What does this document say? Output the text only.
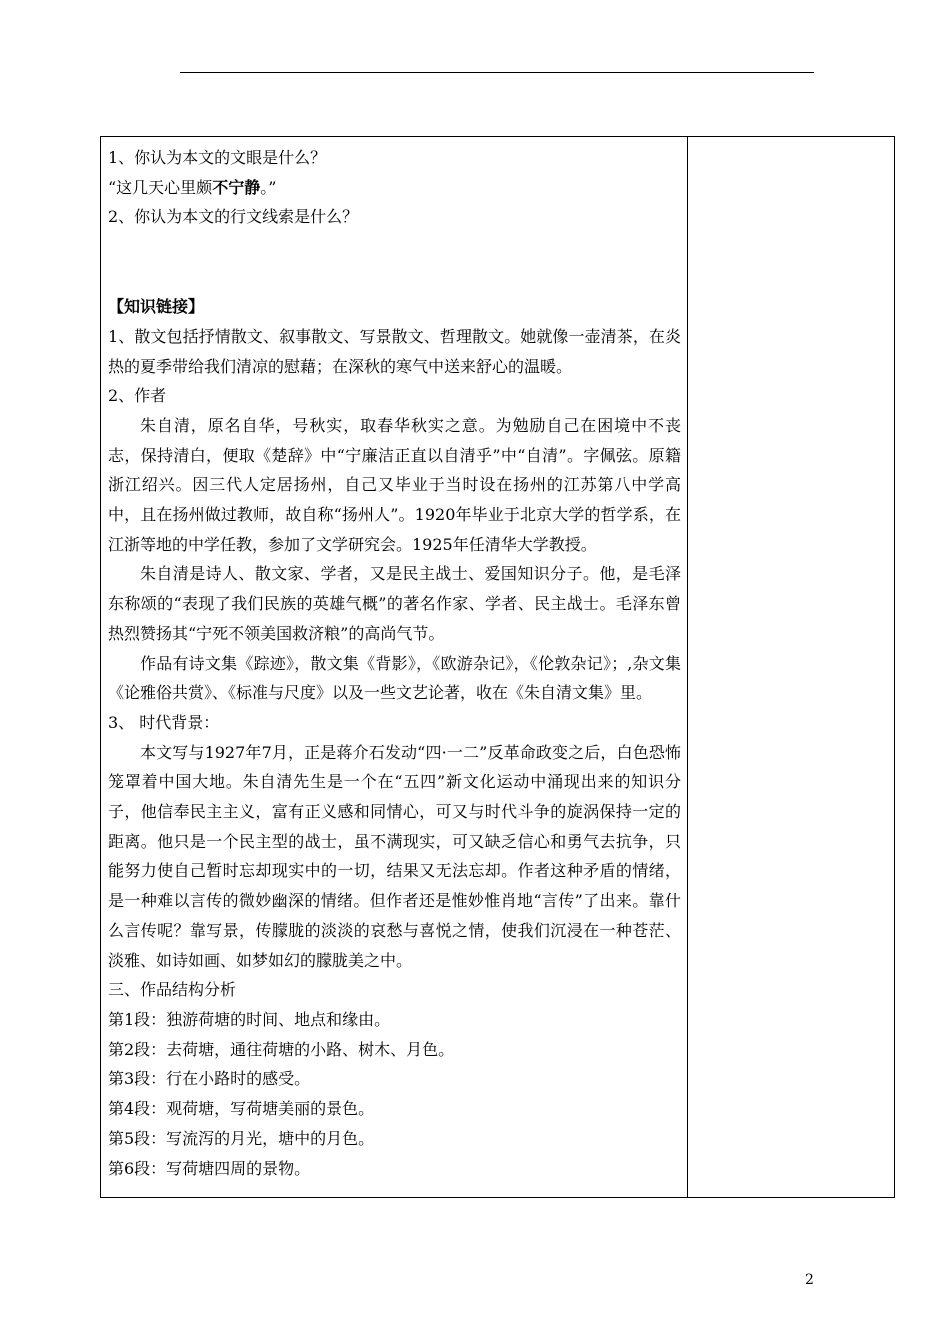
1、你认为本文的文眼是什么？

“这几天心里颇不宁静。”

2、你认为本文的行文线索是什么？

【知识链接】

1、散文包括抒情散文、叙事散文、写景散文、哲理散文。她就像一壶清茶，在炎热的夏季带给我们清凉的慰藉；在深秋的寒气中送来舒心的温暖。

2、作者

朱自清，原名自华，号秋实，取春华秋实之意。为勉励自己在困境中不丧志，保持清白，便取《楚辞》中“宁廉洁正直以自清乎”中“自清”。字佩弦。原籍浙江绍兴。因三代人定居扬州，自己又毕业于当时设在扬州的江苏第八中学高中，且在扬州做过教师，故自称“扬州人”。1920年毕业于北京大学的哲学系，在江浙等地的中学任教，参加了文学研究会。1925年任清华大学教授。

朱自清是诗人、散文家、学者，又是民主战士、爱国知识分子。他，是毛泽东称颂的“表现了我们民族的英雄气概”的著名作家、学者、民主战士。毛泽东曾热烈赞扬其“宁死不领美国救济粮”的高尚气节。

作品有诗文集《踪迹》，散文集《背影》，《欧游杂记》，《伦敦杂记》；,杂文集《论雅俗共赏》、《标准与尺度》以及一些文艺论著，收在《朱自清文集》里。

3、 时代背景：

本文写与1927年7月，正是蒋介石发动“四·一二”反革命政变之后，白色恐怖笼罩着中国大地。朱自清先生是一个在“五四”新文化运动中涌现出来的知识分子，他信奉民主主义，富有正义感和同情心，可又与时代斗争的旋涡保持一定的距离。他只是一个民主型的战士，虽不满现实，可又缺乏信心和勇气去抗争，只能努力使自己暂时忘却现实中的一切，结果又无法忘却。作者这种矛盾的情绪，是一种难以言传的微妙幽深的情绪。但作者还是惟妙惟肖地“言传”了出来。靠什么言传呢？靠写景，传朦胧的淡淡的哀愁与喜悦之情，使我们沉浸在一种苍茫、淡雅、如诗如画、如梦如幻的朦胧美之中。

三、作品结构分析

第1段：独游荷塘的时间、地点和缘由。

第2段：去荷塘，通往荷塘的小路、树木、月色。

第3段：行在小路时的感受。

第4段：观荷塘，写荷塘美丽的景色。

第5段：写流泻的月光，塘中的月色。

第6段：写荷塘四周的景物。

2
